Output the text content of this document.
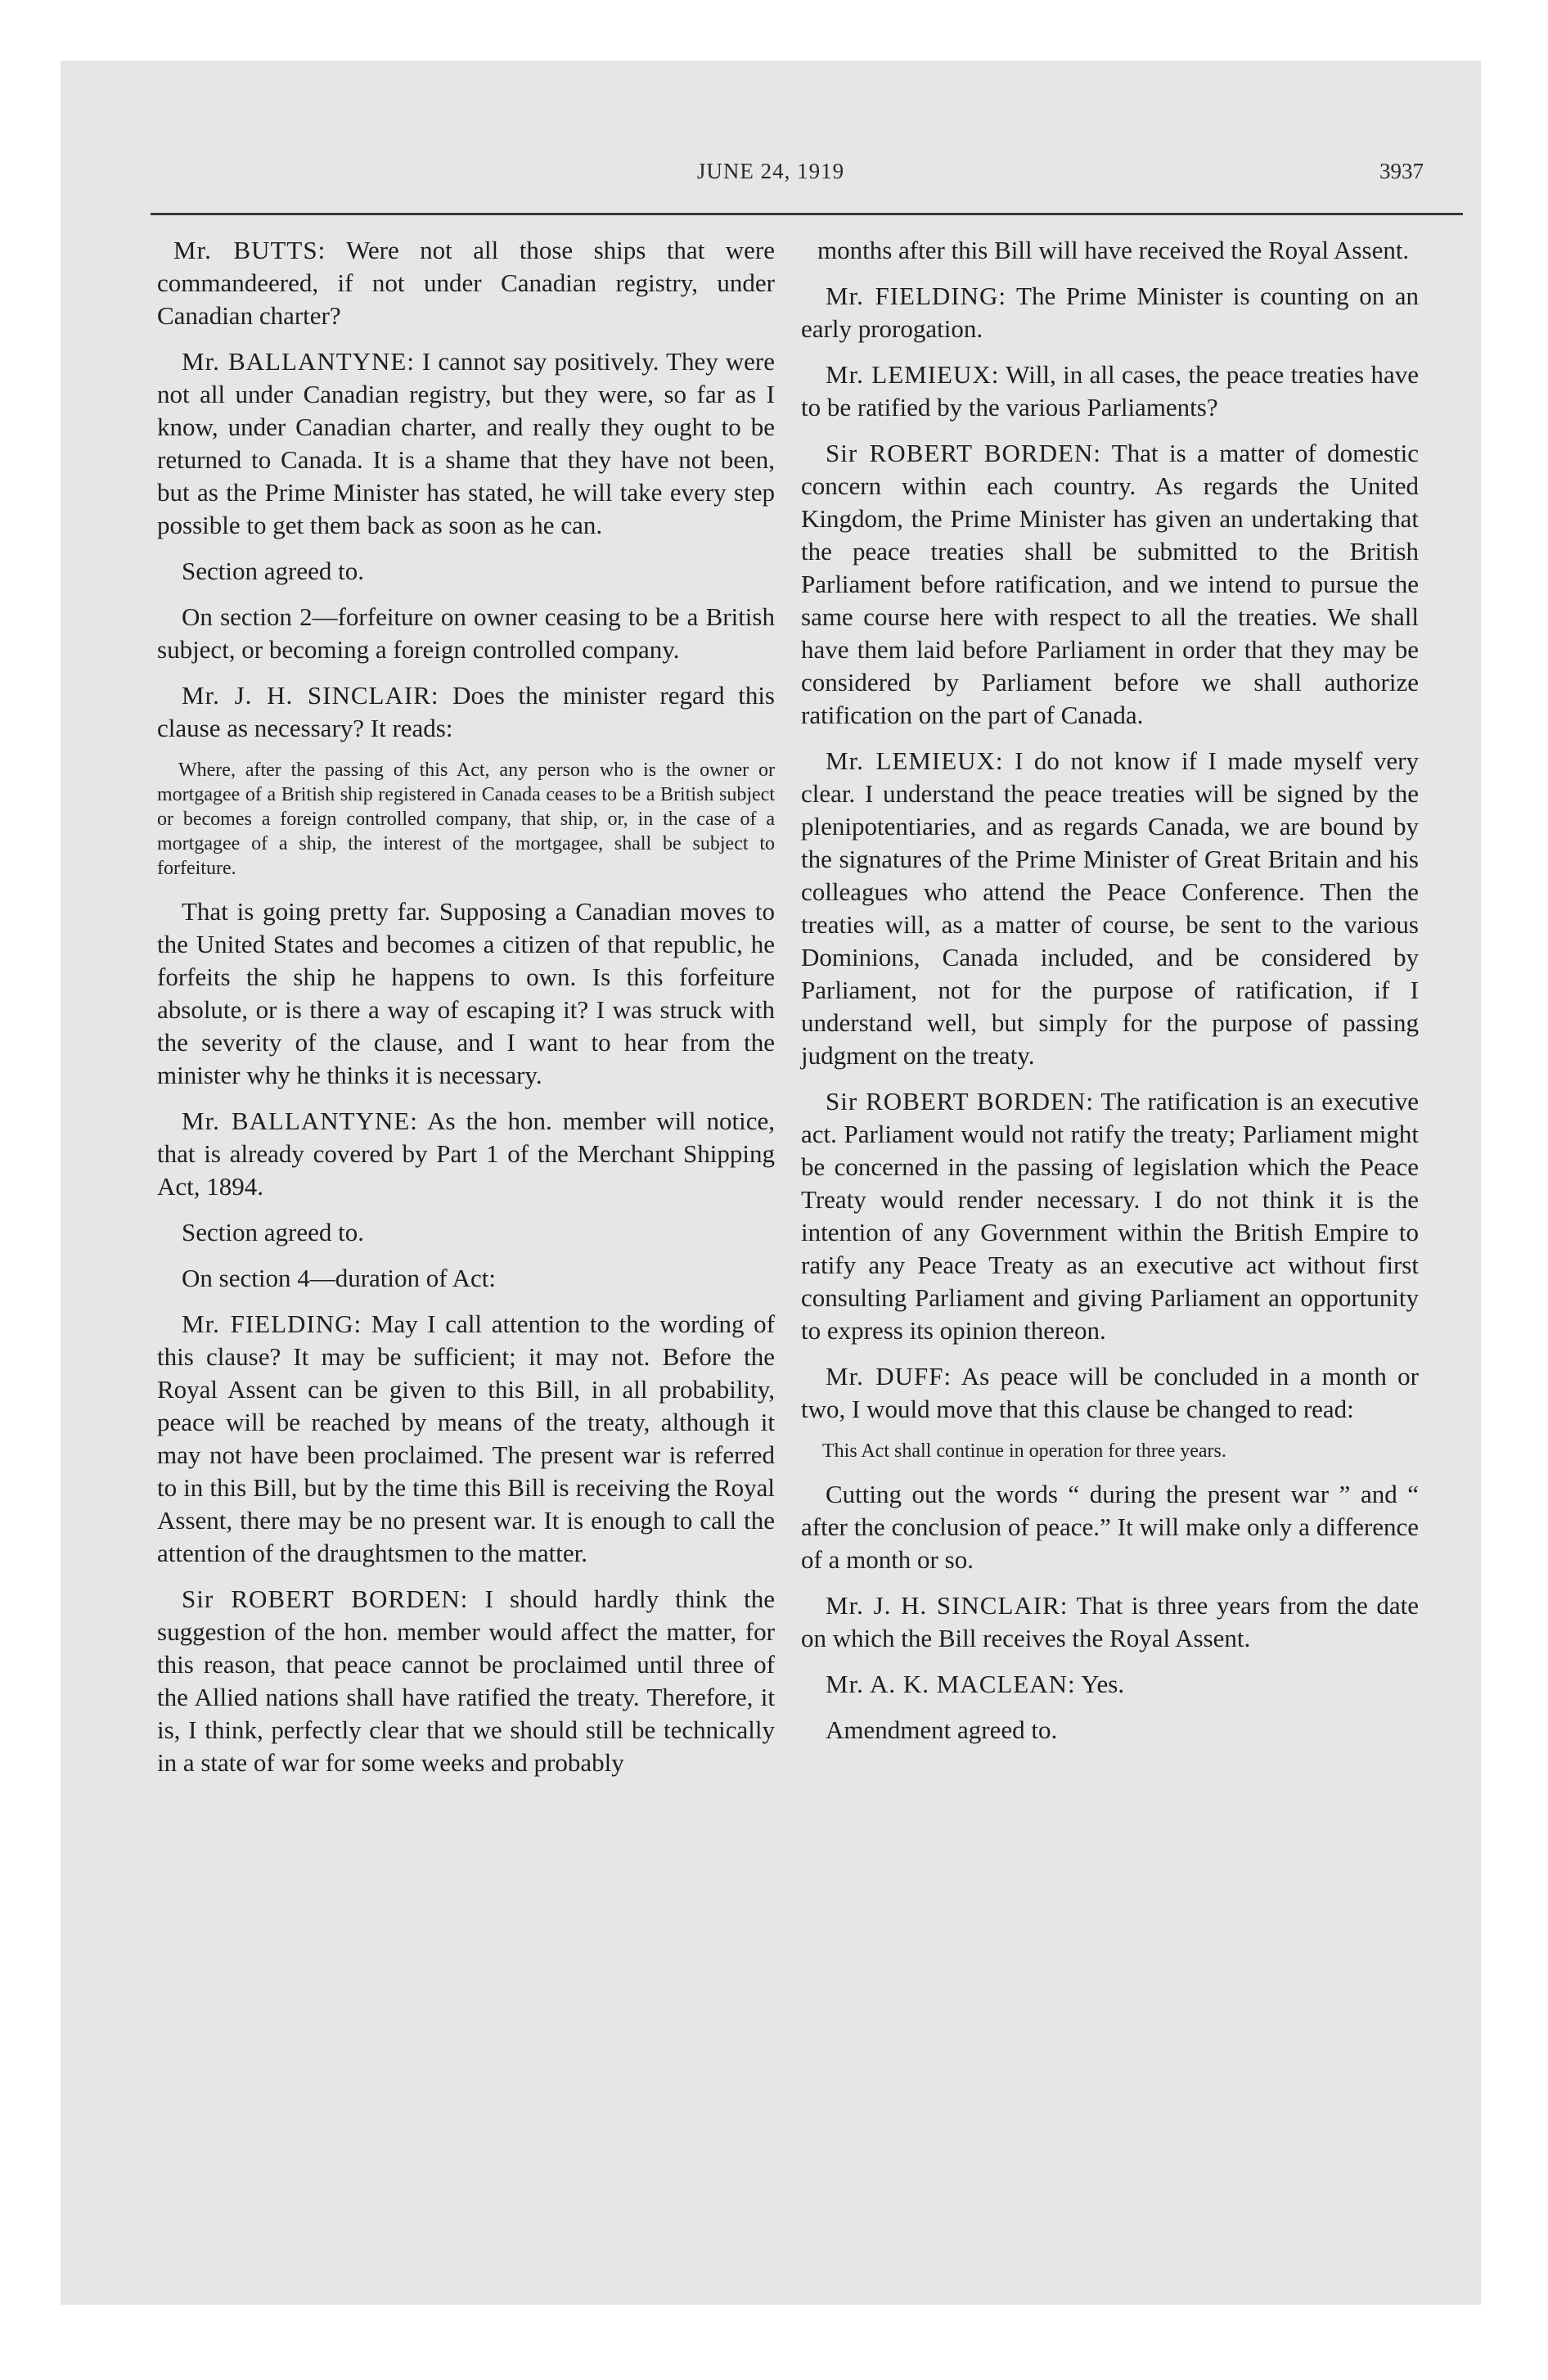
JUNE 24, 1919	3937

Mr. BUTTS: Were not all those ships that were commandeered, if not under Canadian registry, under Canadian charter?

Mr. BALLANTYNE: I cannot say positively. They were not all under Canadian registry, but they were, so far as I know, under Canadian charter, and really they ought to be returned to Canada. It is a shame that they have not been, but as the Prime Minister has stated, he will take every step possible to get them back as soon as he can.

Section agreed to.

On section 2—forfeiture on owner ceasing to be a British subject, or becoming a foreign controlled company.

Mr. J. H. SINCLAIR: Does the minister regard this clause as necessary? It reads:

Where, after the passing of this Act, any person who is the owner or mortgagee of a British ship registered in Canada ceases to be a British subject or becomes a foreign controlled company, that ship, or, in the case of a mortgagee of a ship, the interest of the mortgagee, shall be subject to forfeiture.

That is going pretty far. Supposing a Canadian moves to the United States and becomes a citizen of that republic, he forfeits the ship he happens to own. Is this forfeiture absolute, or is there a way of escaping it? I was struck with the severity of the clause, and I want to hear from the minister why he thinks it is necessary.

Mr. BALLANTYNE: As the hon. member will notice, that is already covered by Part 1 of the Merchant Shipping Act, 1894.

Section agreed to.

On section 4—duration of Act:

Mr. FIELDING: May I call attention to the wording of this clause? It may be sufficient; it may not. Before the Royal Assent can be given to this Bill, in all probability, peace will be reached by means of the treaty, although it may not have been proclaimed. The present war is referred to in this Bill, but by the time this Bill is receiving the Royal Assent, there may be no present war. It is enough to call the attention of the draughtsmen to the matter.

Sir ROBERT BORDEN: I should hardly think the suggestion of the hon. member would affect the matter, for this reason, that peace cannot be proclaimed until three of the Allied nations shall have ratified the treaty. Therefore, it is, I think, perfectly clear that we should still be technically in a state of war for some weeks and probably

months after this Bill will have received the Royal Assent.

Mr. FIELDING: The Prime Minister is counting on an early prorogation.

Mr. LEMIEUX: Will, in all cases, the peace treaties have to be ratified by the various Parliaments?

Sir ROBERT BORDEN: That is a matter of domestic concern within each country. As regards the United Kingdom, the Prime Minister has given an undertaking that the peace treaties shall be submitted to the British Parliament before ratification, and we intend to pursue the same course here with respect to all the treaties. We shall have them laid before Parliament in order that they may be considered by Parliament before we shall authorize ratification on the part of Canada.

Mr. LEMIEUX: I do not know if I made myself very clear. I understand the peace treaties will be signed by the plenipotentiaries, and as regards Canada, we are bound by the signatures of the Prime Minister of Great Britain and his colleagues who attend the Peace Conference. Then the treaties will, as a matter of course, be sent to the various Dominions, Canada included, and be considered by Parliament, not for the purpose of ratification, if I understand well, but simply for the purpose of passing judgment on the treaty.

Sir ROBERT BORDEN: The ratification is an executive act. Parliament would not ratify the treaty; Parliament might be concerned in the passing of legislation which the Peace Treaty would render necessary. I do not think it is the intention of any Government within the British Empire to ratify any Peace Treaty as an executive act without first consulting Parliament and giving Parliament an opportunity to express its opinion thereon.

Mr. DUFF: As peace will be concluded in a month or two, I would move that this clause be changed to read:

This Act shall continue in operation for three years.

Cutting out the words “ during the present war ” and “ after the conclusion of peace.” It will make only a difference of a month or so.

Mr. J. H. SINCLAIR: That is three years from the date on which the Bill receives the Royal Assent.

Mr. A. K. MACLEAN: Yes.

Amendment agreed to.
